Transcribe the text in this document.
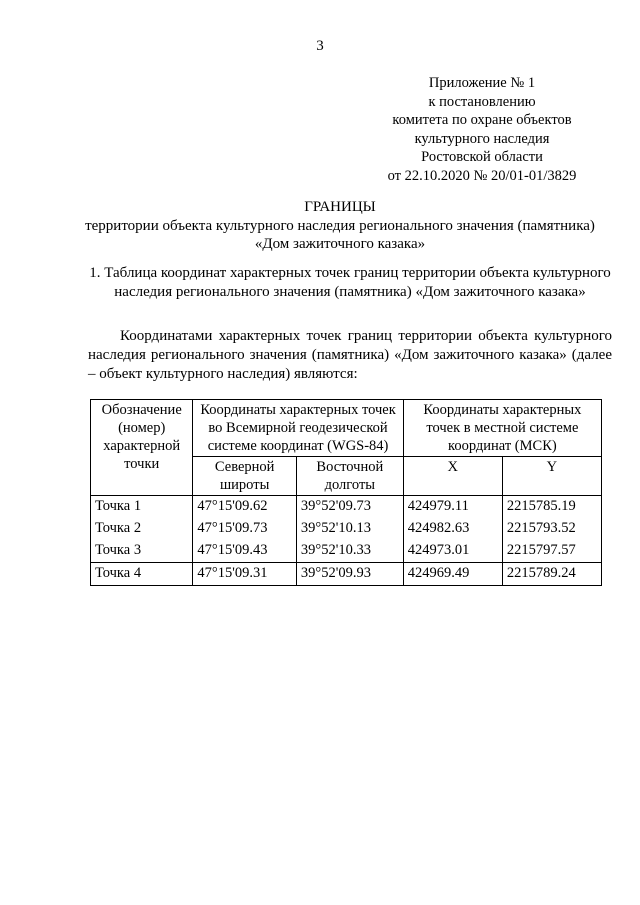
3
Приложение № 1
к постановлению
комитета по охране объектов
культурного наследия
Ростовской области
от 22.10.2020 № 20/01-01/3829
ГРАНИЦЫ
территории объекта культурного наследия регионального значения (памятника)
«Дом зажиточного казака»
1. Таблица координат характерных точек границ территории объекта культурного наследия регионального значения (памятника) «Дом зажиточного казака»
Координатами характерных точек границ территории объекта культурного наследия регионального значения (памятника) «Дом зажиточного казака» (далее – объект культурного наследия) являются:
Обозначение (номер) характерной точки	Координаты характерных точек во Всемирной геодезической системе координат (WGS-84)		Координаты характерных точек в местной системе координат (МСК)	
	Северной широты	Восточной долготы	X	Y
Точка 1	47°15'09.62	39°52'09.73	424979.11	2215785.19
Точка 2	47°15'09.73	39°52'10.13	424982.63	2215793.52
Точка 3	47°15'09.43	39°52'10.33	424973.01	2215797.57
Точка 4	47°15'09.31	39°52'09.93	424969.49	2215789.24
